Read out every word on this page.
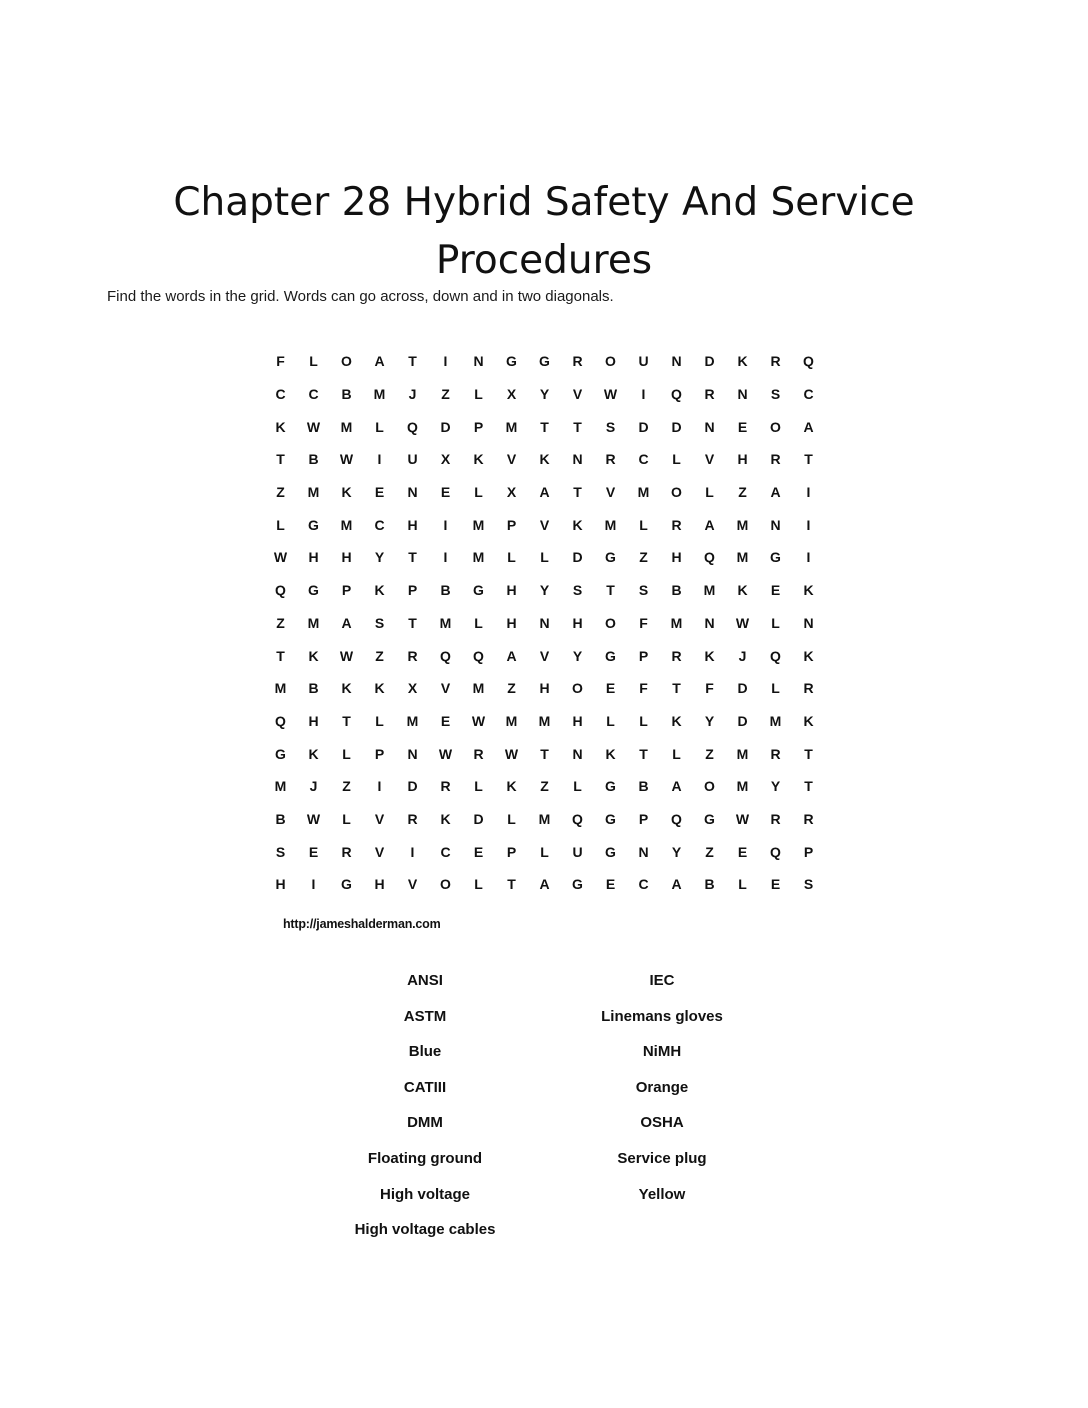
Chapter 28 Hybrid Safety And Service
Procedures
Find the words in the grid. Words can go across, down and in two diagonals.
F	L	O	A	T	I	N	G	G	R	O	U	N	D	K	R	Q
C	C	B	M	J	Z	L	X	Y	V	W	I	Q	R	N	S	C
K	W	M	L	Q	D	P	M	T	T	S	D	D	N	E	O	A
T	B	W	I	U	X	K	V	K	N	R	C	L	V	H	R	T
Z	M	K	E	N	E	L	X	A	T	V	M	O	L	Z	A	I
L	G	M	C	H	I	M	P	V	K	M	L	R	A	M	N	I
W	H	H	Y	T	I	M	L	L	D	G	Z	H	Q	M	G	I
Q	G	P	K	P	B	G	H	Y	S	T	S	B	M	K	E	K
Z	M	A	S	T	M	L	H	N	H	O	F	M	N	W	L	N
T	K	W	Z	R	Q	Q	A	V	Y	G	P	R	K	J	Q	K
M	B	K	K	X	V	M	Z	H	O	E	F	T	F	D	L	R
Q	H	T	L	M	E	W	M	M	H	L	L	K	Y	D	M	K
G	K	L	P	N	W	R	W	T	N	K	T	L	Z	M	R	T
M	J	Z	I	D	R	L	K	Z	L	G	B	A	O	M	Y	T
B	W	L	V	R	K	D	L	M	Q	G	P	Q	G	W	R	R
S	E	R	V	I	C	E	P	L	U	G	N	Y	Z	E	Q	P
H	I	G	H	V	O	L	T	A	G	E	C	A	B	L	E	S
http://jameshalderman.com
ANSI
ASTM
Blue
CATIII
DMM
Floating ground
High voltage
High voltage cables
IEC
Linemans gloves
NiMH
Orange
OSHA
Service plug
Yellow
